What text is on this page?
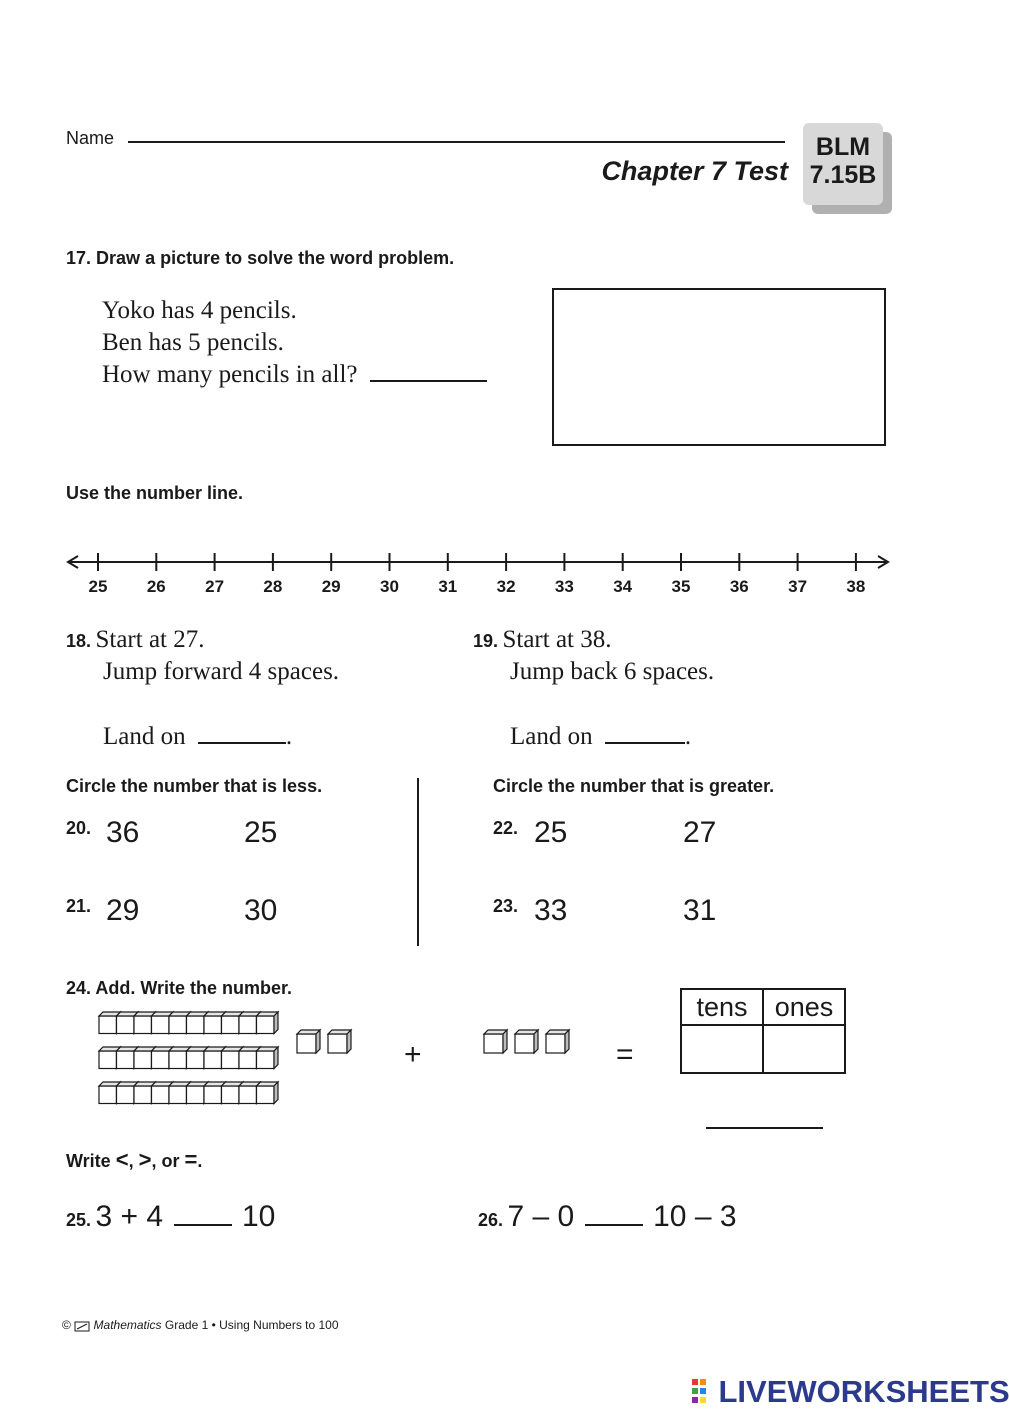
Name
Chapter 7 Test
BLM
7.15B
17. Draw a picture to solve the word problem.
Yoko has 4 pencils.
Ben has 5 pencils.
How many pencils in all?
Use the number line.
25	26	27	28	29	30	31	32	33	34	35	36	37	38
18. Start at 27.
Jump forward 4 spaces.
Land on	.
19. Start at 38.
Jump back 6 spaces.
Land on	.
Circle the number that is less.
20. 36	25
21. 29	30
Circle the number that is greater.
22. 25	27
23. 33	31
24. Add. Write the number.
+	=
tens	ones

Write <, >, or =.
25. 3 + 4	10	26. 7 – 0	10 – 3
© Mathematics Grade 1 • Using Numbers to 100
LIVEWORKSHEETS
